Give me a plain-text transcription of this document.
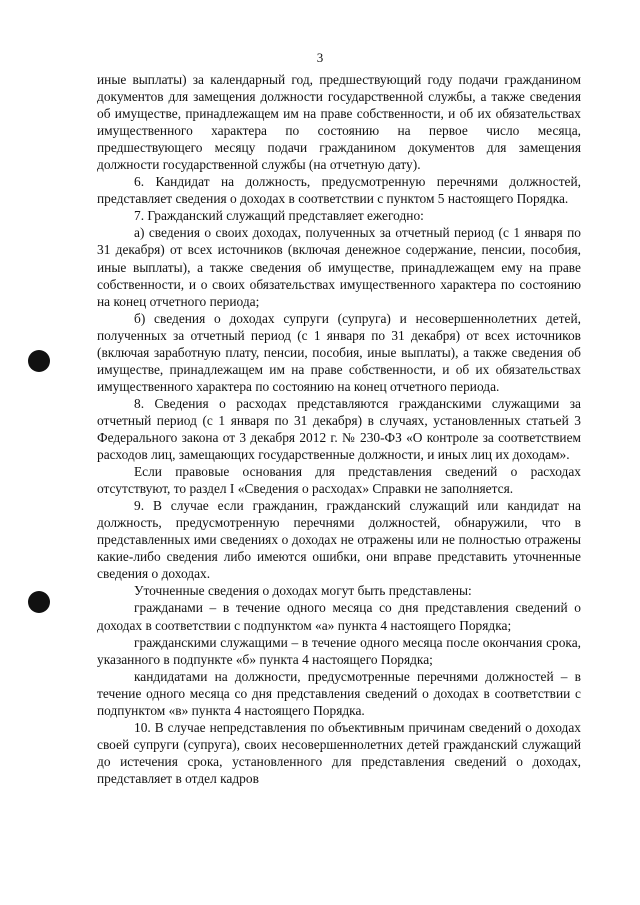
3

иные выплаты) за календарный год, предшествующий году подачи гражданином документов для замещения должности государственной службы, а также сведения об имуществе, принадлежащем им на праве собственности, и об их обязательствах имущественного характера по состоянию на первое число месяца, предшествующего месяцу подачи гражданином документов для замещения должности государственной службы (на отчетную дату).

6. Кандидат на должность, предусмотренную перечнями должностей, представляет сведения о доходах в соответствии с пунктом 5 настоящего Порядка.

7. Гражданский служащий представляет ежегодно:

а) сведения о своих доходах, полученных за отчетный период (с 1 января по 31 декабря) от всех источников (включая денежное содержание, пенсии, пособия, иные выплаты), а также сведения об имуществе, принадлежащем ему на праве собственности, и о своих обязательствах имущественного характера по состоянию на конец отчетного периода;

б) сведения о доходах супруги (супруга) и несовершеннолетних детей, полученных за отчетный период (с 1 января по 31 декабря) от всех источников (включая заработную плату, пенсии, пособия, иные выплаты), а также сведения об имуществе, принадлежащем им на праве собственности, и об их обязательствах имущественного характера по состоянию на конец отчетного периода.

8. Сведения о расходах представляются гражданскими служащими за отчетный период (с 1 января по 31 декабря) в случаях, установленных статьей 3 Федерального закона от 3 декабря 2012 г. № 230-ФЗ «О контроле за соответствием расходов лиц, замещающих государственные должности, и иных лиц их доходам».

Если правовые основания для представления сведений о расходах отсутствуют, то раздел I «Сведения о расходах» Справки не заполняется.

9. В случае если гражданин, гражданский служащий или кандидат на должность, предусмотренную перечнями должностей, обнаружили, что в представленных ими сведениях о доходах не отражены или не полностью отражены какие-либо сведения либо имеются ошибки, они вправе представить уточненные сведения о доходах.

Уточненные сведения о доходах могут быть представлены:

гражданами – в течение одного месяца со дня представления сведений о доходах в соответствии с подпунктом «а» пункта 4 настоящего Порядка;

гражданскими служащими – в течение одного месяца после окончания срока, указанного в подпункте «б» пункта 4 настоящего Порядка;

кандидатами на должности, предусмотренные перечнями должностей – в течение одного месяца со дня представления сведений о доходах в соответствии с подпунктом «в» пункта 4 настоящего Порядка.

10. В случае непредставления по объективным причинам сведений о доходах своей супруги (супруга), своих несовершеннолетних детей гражданский служащий до истечения срока, установленного для представления сведений о доходах, представляет в отдел кадров
